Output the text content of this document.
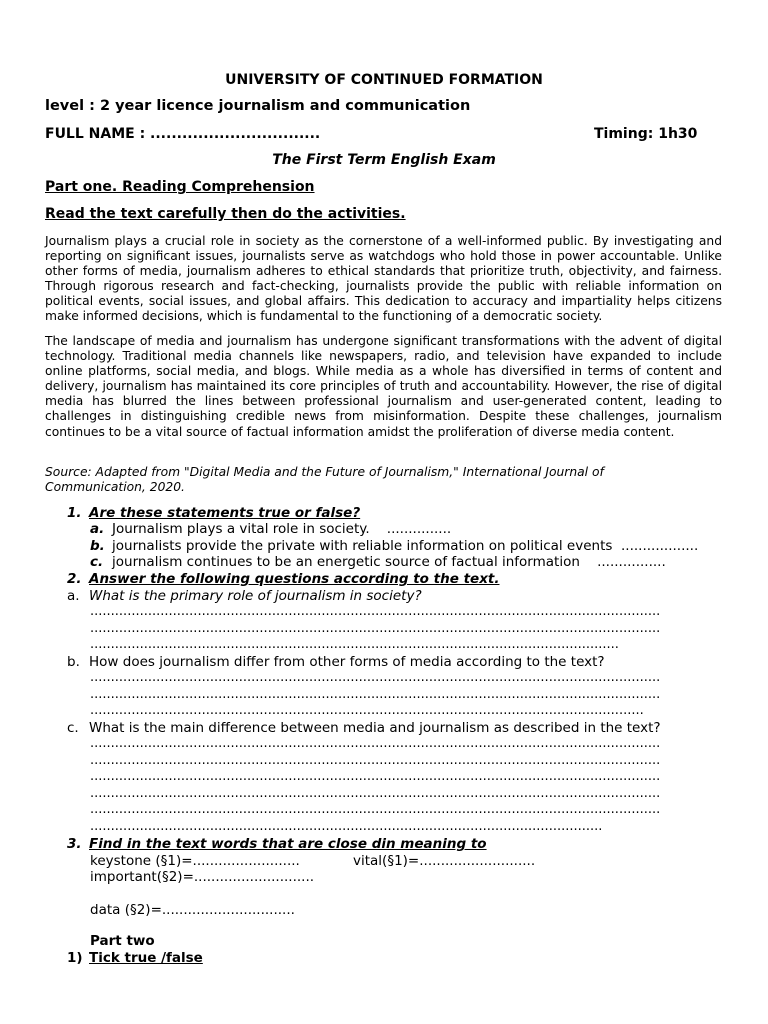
UNIVERSITY OF CONTINUED FORMATION
level : 2 year licence journalism and communication
FULL NAME : ................................	Timing: 1h30
The First Term English Exam
Part one. Reading Comprehension
Read the text carefully then do the activities.
Journalism plays a crucial role in society as the cornerstone of a well-informed public. By investigating and reporting on significant issues, journalists serve as watchdogs who hold those in power accountable. Unlike other forms of media, journalism adheres to ethical standards that prioritize truth, objectivity, and fairness. Through rigorous research and fact-checking, journalists provide the public with reliable information on political events, social issues, and global affairs. This dedication to accuracy and impartiality helps citizens make informed decisions, which is fundamental to the functioning of a democratic society.
The landscape of media and journalism has undergone significant transformations with the advent of digital technology. Traditional media channels like newspapers, radio, and television have expanded to include online platforms, social media, and blogs. While media as a whole has diversified in terms of content and delivery, journalism has maintained its core principles of truth and accountability. However, the rise of digital media has blurred the lines between professional journalism and user-generated content, leading to challenges in distinguishing credible news from misinformation. Despite these challenges, journalism continues to be a vital source of factual information amidst the proliferation of diverse media content.
Source: Adapted from "Digital Media and the Future of Journalism," International Journal of
Communication, 2020.
1. Are these statements true or false?
a. Journalism plays a vital role in society. ...............
b. journalists provide the private with reliable information on political events ..................
c. journalism continues to be an energetic source of factual information ................
2. Answer the following questions according to the text.
a. What is the primary role of journalism in society?
..........................................................................................................................................
..........................................................................................................................................
................................................................................................................................
b. How does journalism differ from other forms of media according to the text?
..........................................................................................................................................
..........................................................................................................................................
......................................................................................................................................
c. What is the main difference between media and journalism as described in the text?
..........................................................................................................................................
..........................................................................................................................................
..........................................................................................................................................
..........................................................................................................................................
..........................................................................................................................................
............................................................................................................................
3. Find in the text words that are close din meaning to
keystone (§1)=.........................	vital(§1)=...........................
important(§2)=............................
data (§2)=...............................
Part two
1) Tick true /false
